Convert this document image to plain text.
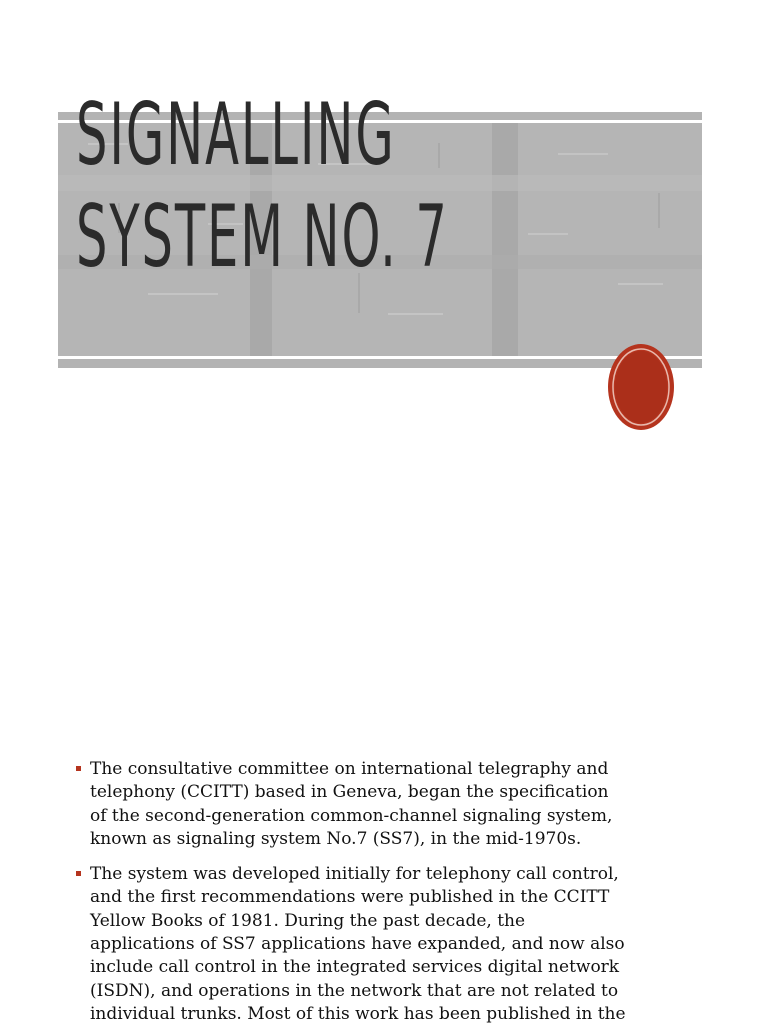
SIGNALLING
SYSTEM NO. 7
The consultative committee on international telegraphy and
telephony (CCITT) based in Geneva, began the specification
of the second-generation common-channel signaling system,
known as signaling system No.7 (SS7), in the mid-1970s.
The system was developed initially for telephony call control,
and the first recommendations were published in the CCITT
Yellow Books of 1981. During the past decade, the
applications of SS7 applications have expanded, and now also
include call control in the integrated services digital network
(ISDN), and operations in the network that are not related to
individual trunks. Most of this work has been published in the
